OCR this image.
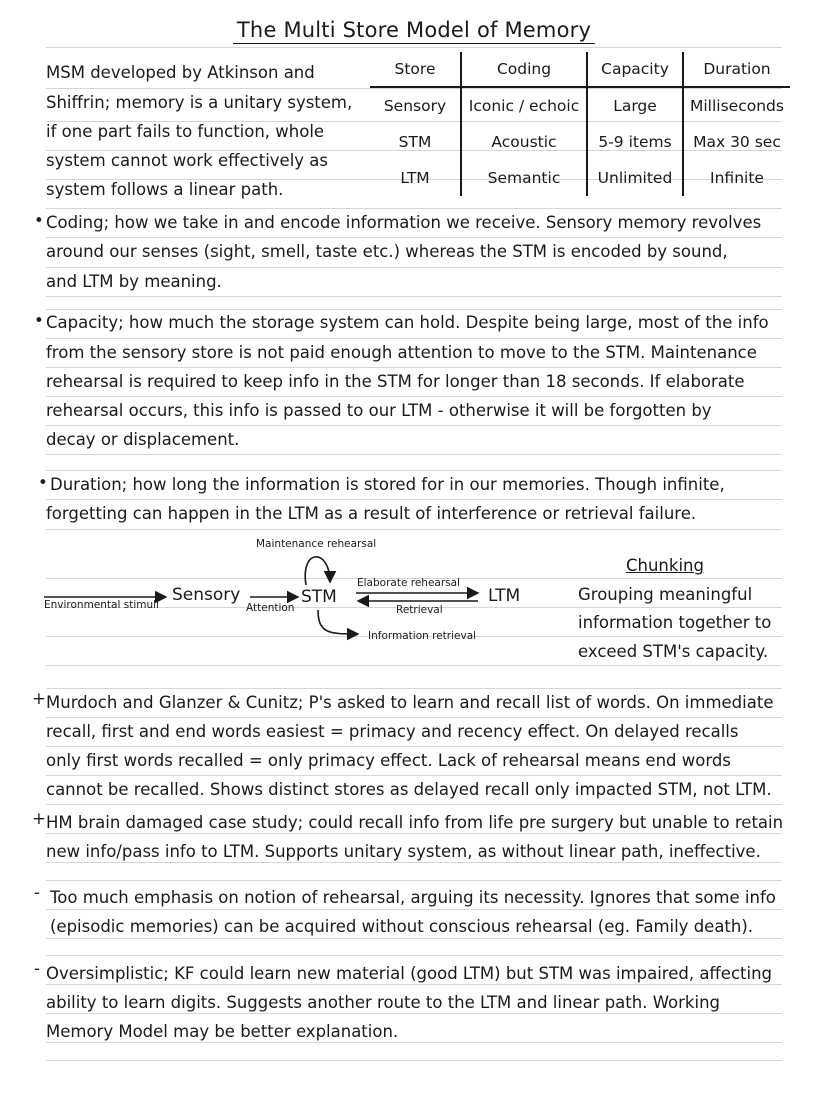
The Multi Store Model of Memory
MSM developed by Atkinson and
Shiffrin; memory is a unitary system,
if one part fails to function, whole
system cannot work effectively as
system follows a linear path.
Store	Coding	Capacity	Duration
Sensory	Iconic / echoic	Large	Milliseconds
STM	Acoustic	5-9 items	Max 30 sec
LTM	Semantic	Unlimited	Infinite
• Coding; how we take in and encode information we receive. Sensory memory revolves
around our senses (sight, smell, taste etc.) whereas the STM is encoded by sound,
and LTM by meaning.
• Capacity; how much the storage system can hold. Despite being large, most of the info
from the sensory store is not paid enough attention to move to the STM. Maintenance
rehearsal is required to keep info in the STM for longer than 18 seconds. If elaborate
rehearsal occurs, this info is passed to our LTM - otherwise it will be forgotten by
decay or displacement.
• Duration; how long the information is stored for in our memories. Though infinite,
forgetting can happen in the LTM as a result of interference or retrieval failure.
Maintenance rehearsal
Environmental stimuli Sensory
Attention
STM
Elaborate rehearsal
Retrieval
LTM
Information retrieval
Chunking
Grouping meaningful
information together to
exceed STM's capacity.
+ Murdoch and Glanzer & Cunitz; P's asked to learn and recall list of words. On immediate
recall, first and end words easiest = primacy and recency effect. On delayed recalls
only first words recalled = only primacy effect. Lack of rehearsal means end words
cannot be recalled. Shows distinct stores as delayed recall only impacted STM, not LTM.
+ HM brain damaged case study; could recall info from life pre surgery but unable to retain
new info/pass info to LTM. Supports unitary system, as without linear path, ineffective.
- Too much emphasis on notion of rehearsal, arguing its necessity. Ignores that some info
(episodic memories) can be acquired without conscious rehearsal (eg. Family death).
- Oversimplistic; KF could learn new material (good LTM) but STM was impaired, affecting
ability to learn digits. Suggests another route to the LTM and linear path. Working
Memory Model may be better explanation.
